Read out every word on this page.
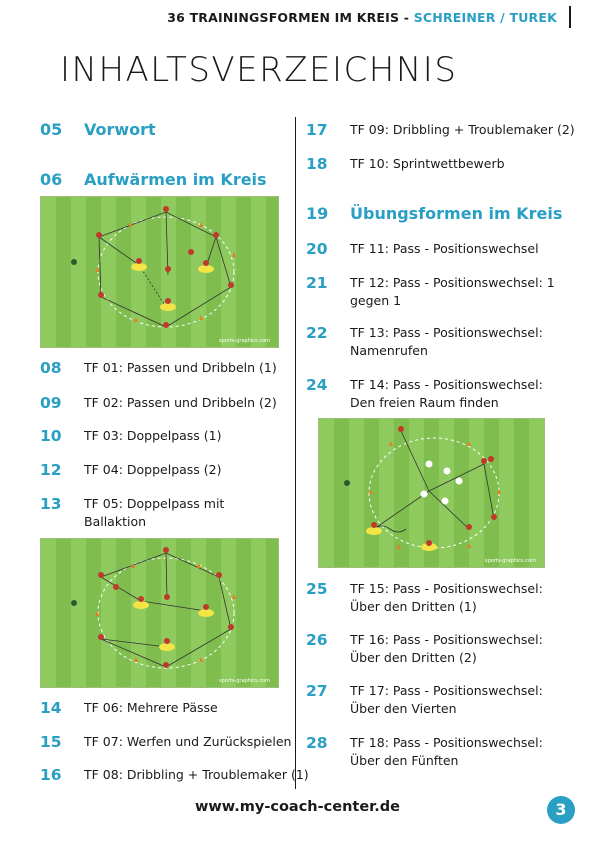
36 TRAININGSFORMEN IM KREIS - SCHREINER / TUREK
INHALTSVERZEICHNIS
05	Vorwort
06	Aufwärmen im Kreis
08	TF 01: Passen und Dribbeln (1)
09	TF 02: Passen und Dribbeln (2)
10	TF 03: Doppelpass (1)
12	TF 04: Doppelpass (2)
13	TF 05: Doppelpass mit Ballaktion
14	TF 06: Mehrere Pässe
15	TF 07: Werfen und Zurückspielen
16	TF 08: Dribbling + Troublemaker (1)
17	TF 09: Dribbling + Troublemaker (2)
18	TF 10: Sprintwettbewerb
19	Übungsformen im Kreis
20	TF 11: Pass - Positionswechsel
21	TF 12: Pass - Positionswechsel: 1 gegen 1
22	TF 13: Pass - Positionswechsel: Namenrufen
24	TF 14: Pass - Positionswechsel: Den freien Raum finden
25	TF 15: Pass - Positionswechsel: Über den Dritten (1)
26	TF 16: Pass - Positionswechsel: Über den Dritten (2)
27	TF 17: Pass - Positionswechsel: Über den Vierten
28	TF 18: Pass - Positionswechsel: Über den Fünften
sports-graphics.com
sports-graphics.com
sports-graphics.com
www.my-coach-center.de	3
